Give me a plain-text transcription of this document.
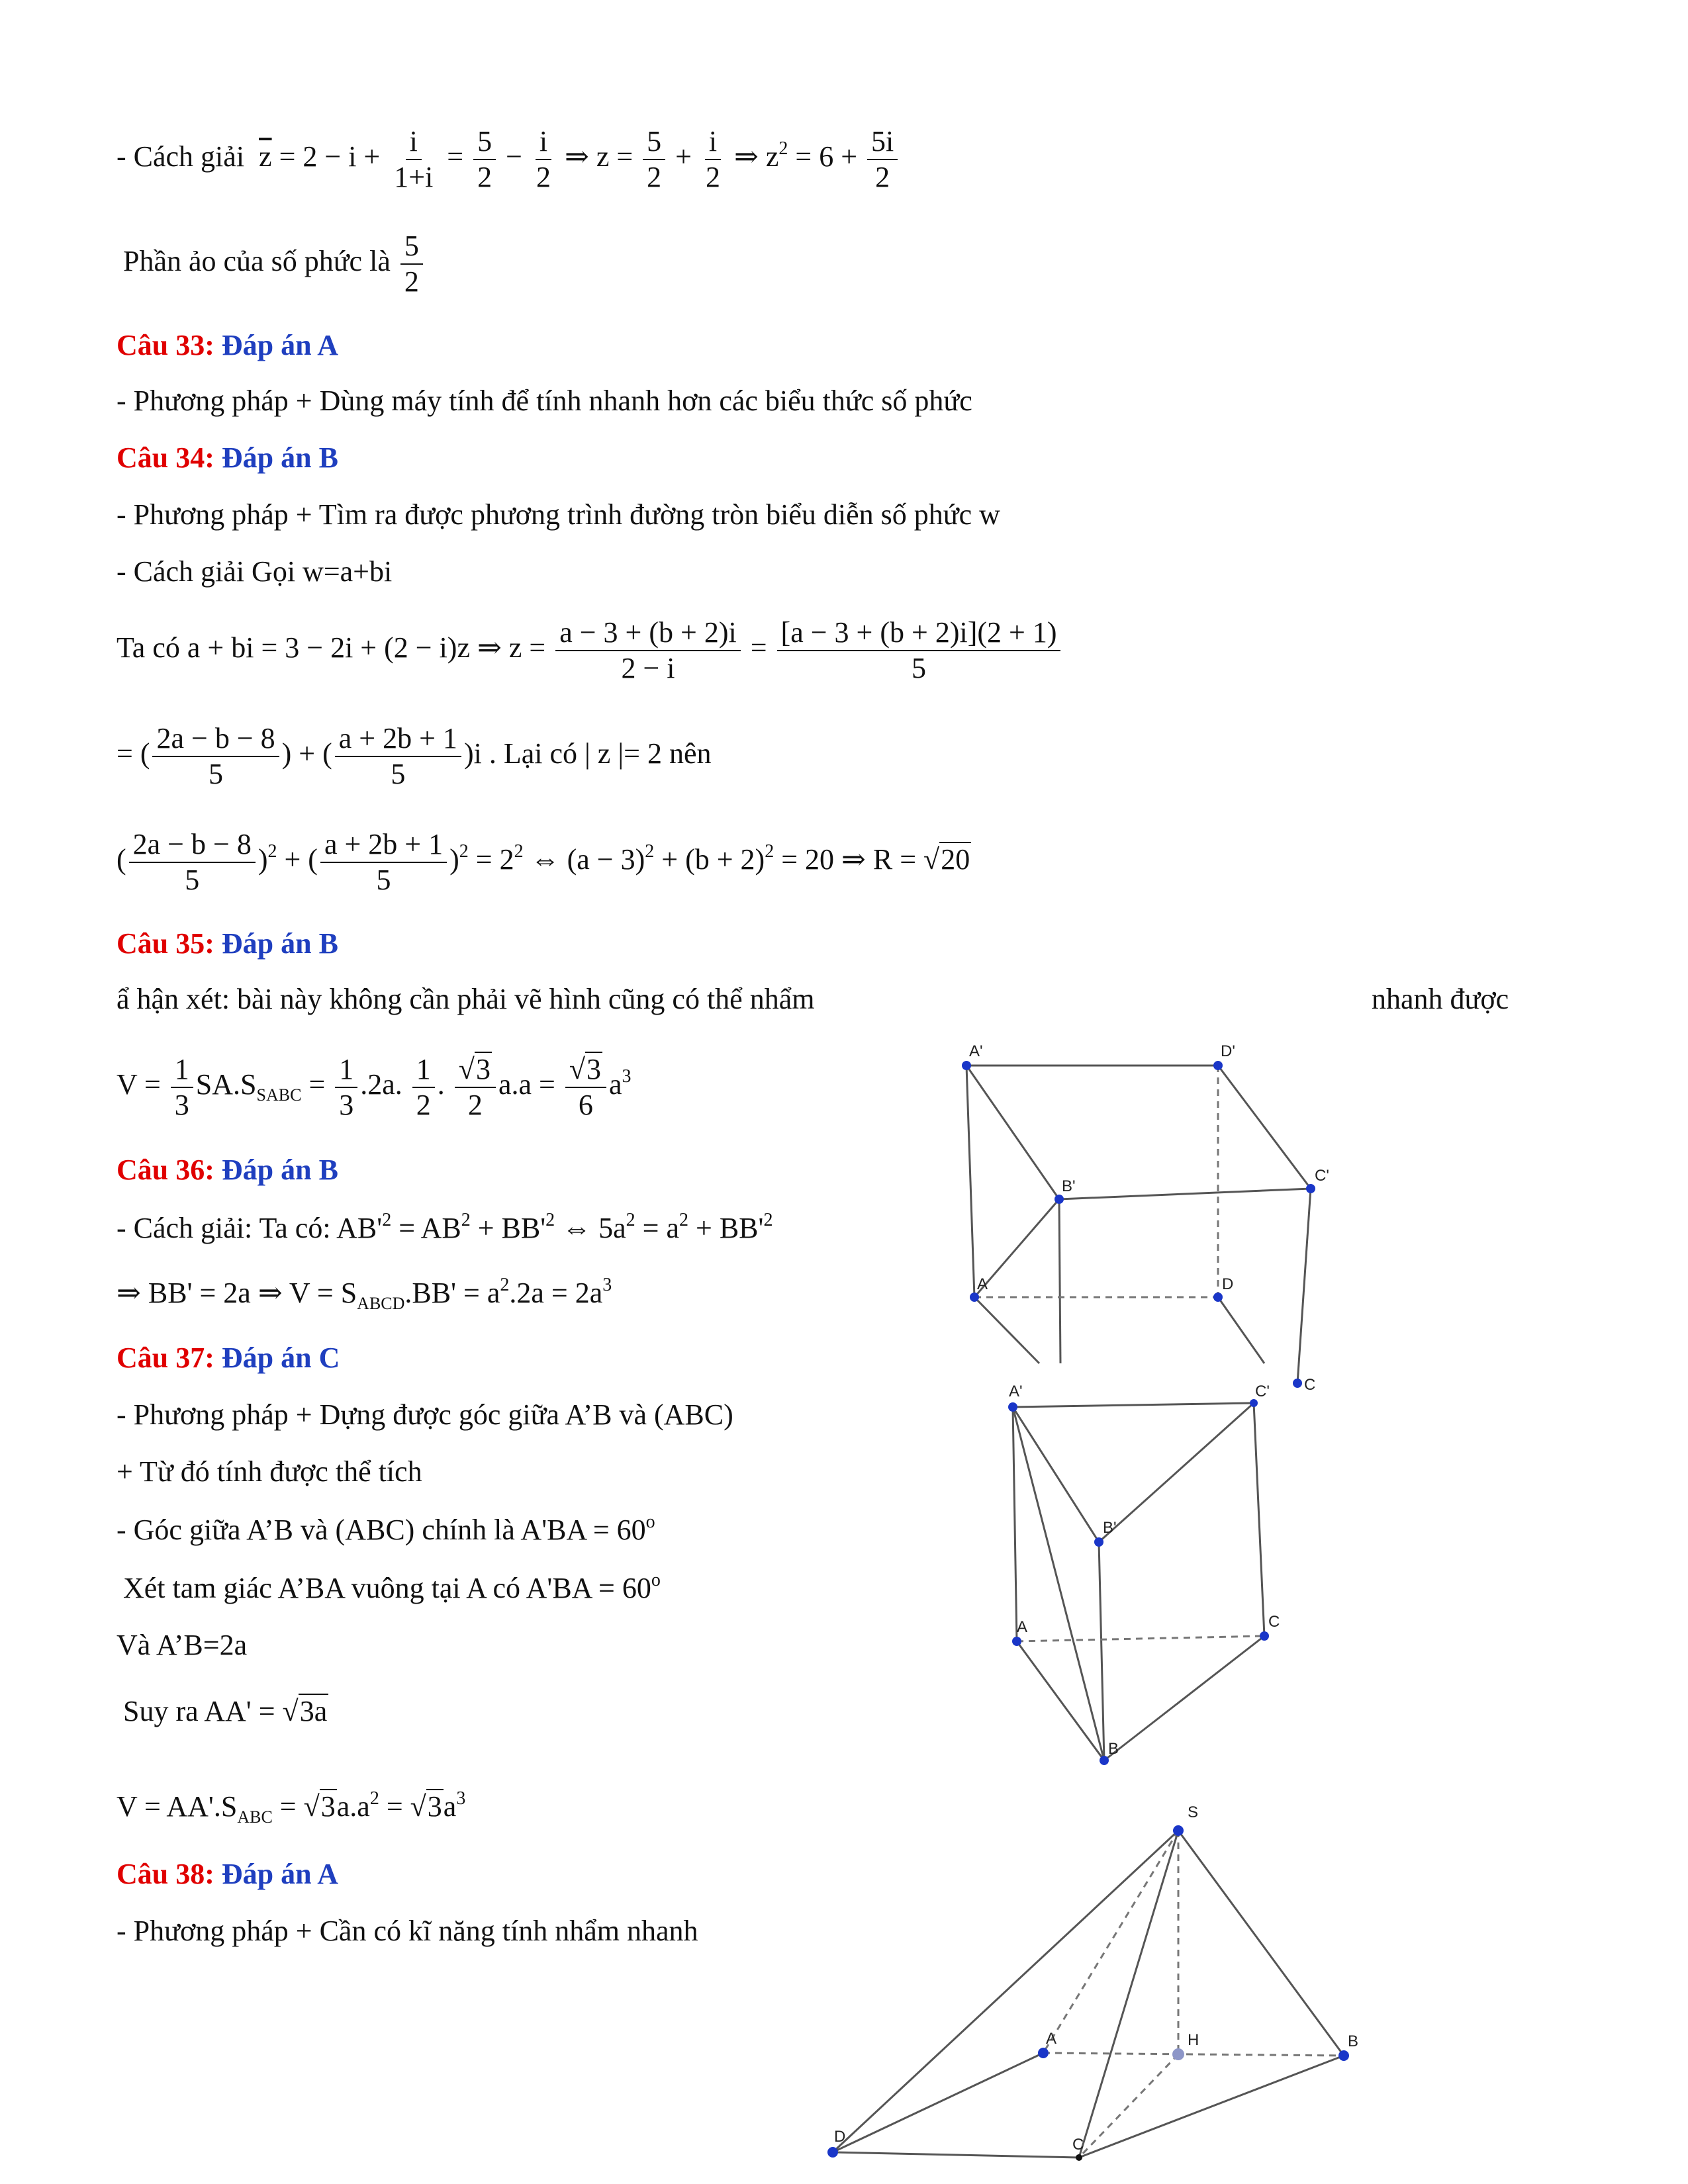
- Cách giải $\overline{z} = 2 - i + \frac{i}{1+i} = \frac{5}{2} - \frac{i}{2}$ ⇒ $z = \frac{5}{2} + \frac{i}{2}$ ⇒ $z^2 = 6 + \frac{5i}{2}$
Phần ảo của số phức là $\frac{5}{2}$
Câu 33: Đáp án A
- Phương pháp + Dùng máy tính để tính nhanh hơn các biểu thức số phức
Câu 34: Đáp án B
- Phương pháp + Tìm ra được phương trình đường tròn biểu diễn số phức w
- Cách giải Gọi w=a+bi
Ta có a + bi = 3 − 2i + (2 − i)z ⇒ $z = \frac{a - 3 + (b + 2)i}{2 - i} = \frac{[a - 3 + (b + 2)i](2 + 1)}{5}$
= ( $\frac{2a - b - 8}{5}$ ) + ( $\frac{a + 2b + 1}{5} )i$ . Lại có | z |= 2 nên
( $\frac{2a - b - 8}{5} )^2$ + ( $\frac{a + 2b + 1}{5} )^2 = 2^2$ ⇔ $(a - 3)^2 + (b + 2)^2 = 20$ ⇒ R = √20
Câu 35: Đáp án B
ẩ hận xét: bài này không cần phải vẽ hình cũng có thể nhẩm	nhanh được
$V = \frac{1}{3} SA.S_{SABC} = \frac{1}{3} .2a$. $\frac{1}{2}$ . $\frac{√3}{2} a.a = \frac{√3}{6} a^3$
Câu 36: Đáp án B
- Cách giải: Ta có: $AB'^2 = AB^2 + BB'^2$ ⇔ $5a^2 = a^2 + BB'^2$
⇒ BB' = 2a ⇒ $V = S_{ABCD}.BB' = a^2.2a = 2a^3$
Câu 37: Đáp án C
- Phương pháp + Dựng được góc giữa A’B và (ABC)
+ Từ đó tính được thể tích
- Góc giữa A’B và (ABC) chính là $A'BA = 60^o$
Xét tam giác A’BA vuông tại A có $A'BA = 60^o$
Và A’B=2a
Suy ra AA' = √3a
$V = AA'.S_{ABC} = √3a.a^2 = √3a^3$
Câu 38: Đáp án A
- Phương pháp + Cần có kĩ năng tính nhẩm nhanh
A'	D'
B'
C'
A	D
C
A'	C'
B'
A	C
B
S
A	H	B
D	C
